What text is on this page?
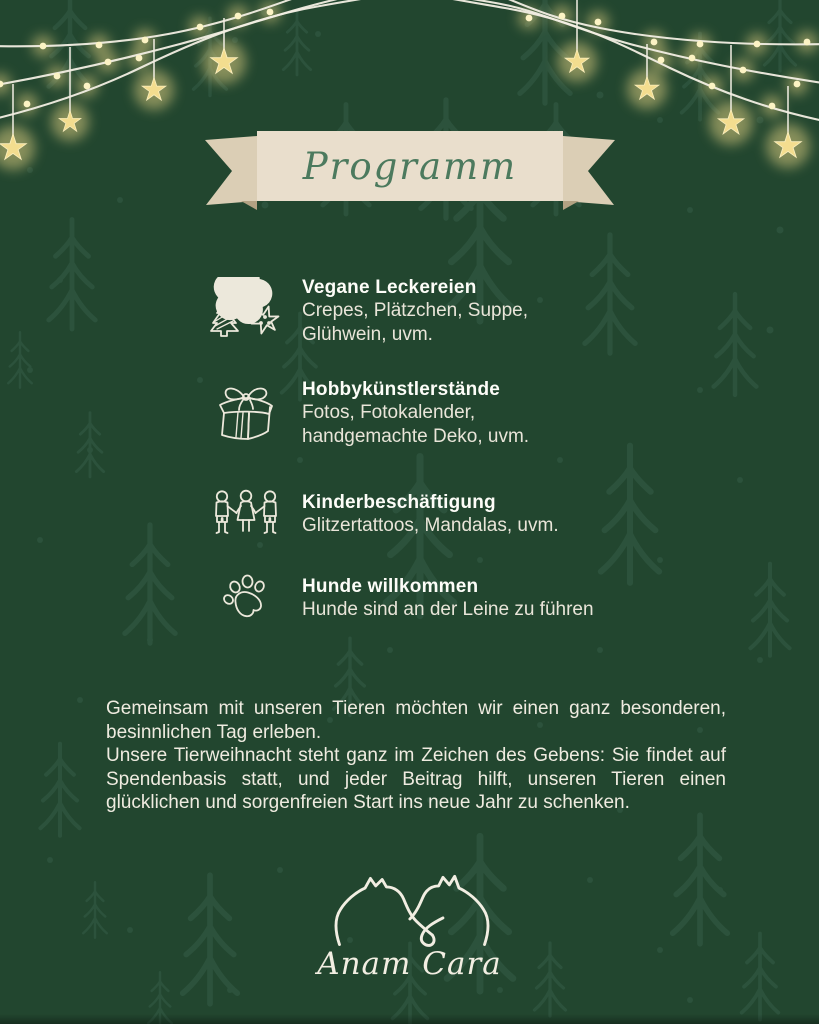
Programm
Vegane Leckereien
Crepes, Plätzchen, Suppe,
Glühwein, uvm.
Hobbykünstlerstände
Fotos, Fotokalender,
handgemachte Deko, uvm.
Kinderbeschäftigung
Glitzertattoos, Mandalas, uvm.
Hunde willkommen
Hunde sind an der Leine zu führen

Gemeinsam mit unseren Tieren möchten wir einen ganz besonderen, besinnlichen Tag erleben.

Unsere Tierweihnacht steht ganz im Zeichen des Gebens: Sie findet auf Spendenbasis statt, und jeder Beitrag hilft, unseren Tieren einen glücklichen und sorgenfreien Start ins neue Jahr zu schenken.

Anam Cara
